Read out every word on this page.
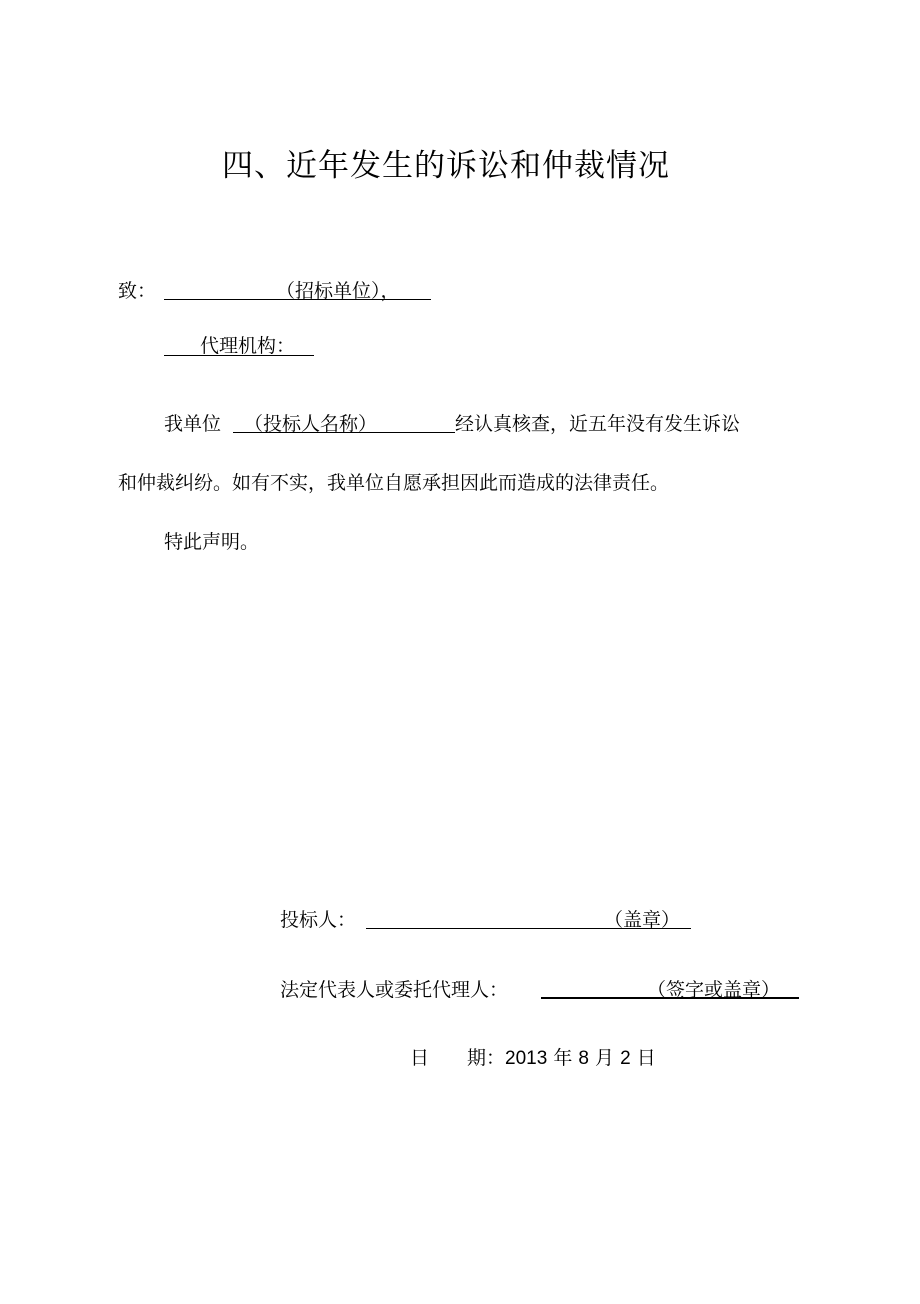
四、近年发生的诉讼和仲裁情况
致：	（招标单位），
代理机构：
我单位 （投标人名称）	经认真核查，近五年没有发生诉讼
和仲裁纠纷。如有不实，我单位自愿承担因此而造成的法律责任。
特此声明。
投标人：	（盖章）
法定代表人或委托代理人：	（签字或盖章）
日　　期：2013 年 8 月 2 日
